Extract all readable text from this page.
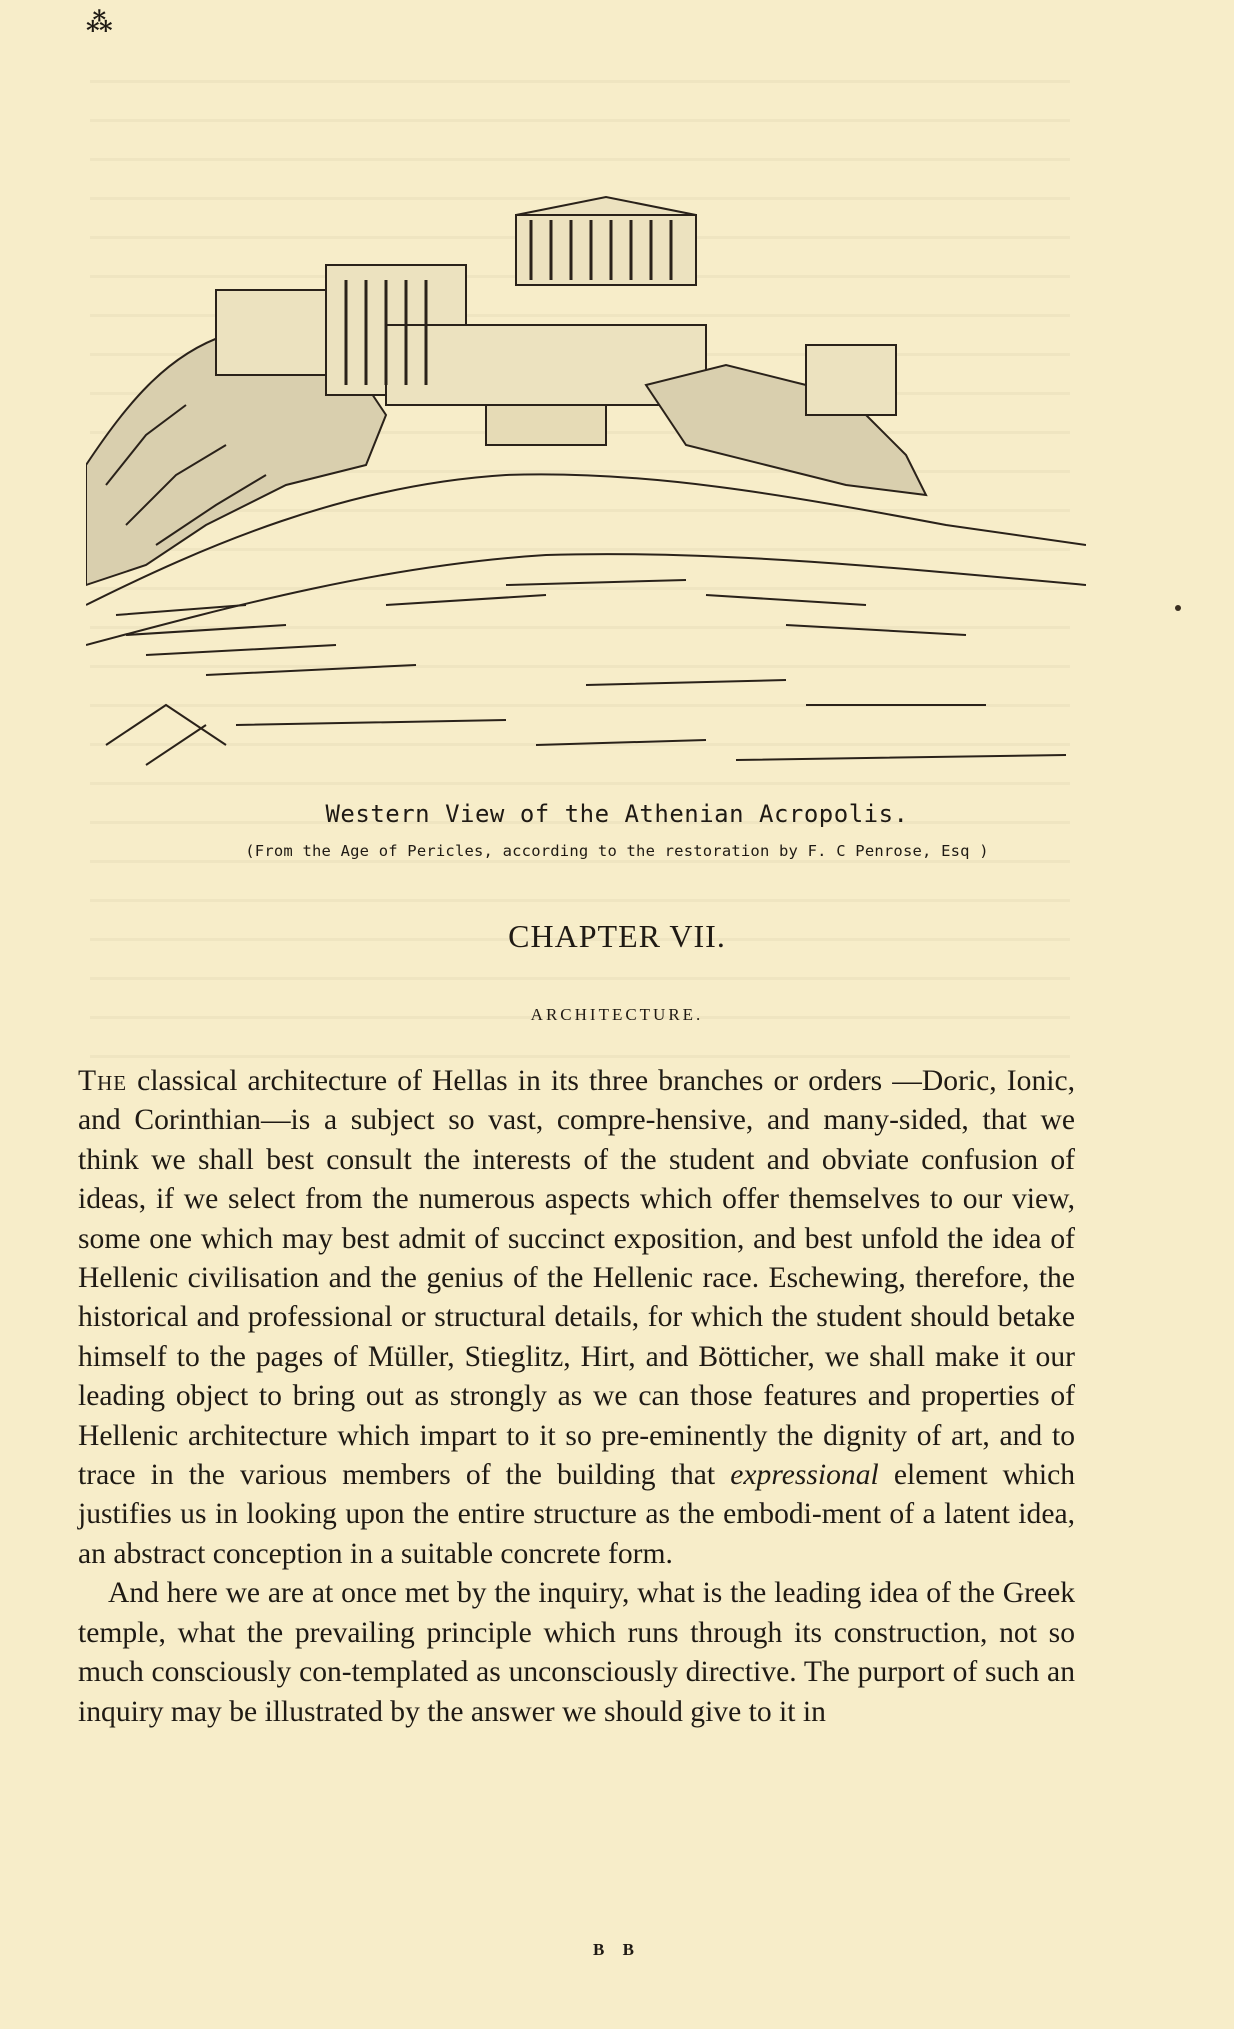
⁂
Western View of the Athenian Acropolis.
(From the Age of Pericles, according to the restoration by F. C Penrose, Esq )
CHAPTER VII.
ARCHITECTURE.

The classical architecture of Hellas in its three branches or orders —Doric, Ionic, and Corinthian—is a subject so vast, compre-hensive, and many-sided, that we think we shall best consult the interests of the student and obviate confusion of ideas, if we select from the numerous aspects which offer themselves to our view, some one which may best admit of succinct exposition, and best unfold the idea of Hellenic civilisation and the genius of the Hellenic race. Eschewing, therefore, the historical and professional or structural details, for which the student should betake himself to the pages of Müller, Stieglitz, Hirt, and Bötticher, we shall make it our leading object to bring out as strongly as we can those features and properties of Hellenic architecture which impart to it so pre-eminently the dignity of art, and to trace in the various members of the building that expressional element which justifies us in looking upon the entire structure as the embodi-ment of a latent idea, an abstract conception in a suitable concrete form.

And here we are at once met by the inquiry, what is the leading idea of the Greek temple, what the prevailing principle which runs through its construction, not so much consciously con-templated as unconsciously directive. The purport of such an inquiry may be illustrated by the answer we should give to it in

B B
